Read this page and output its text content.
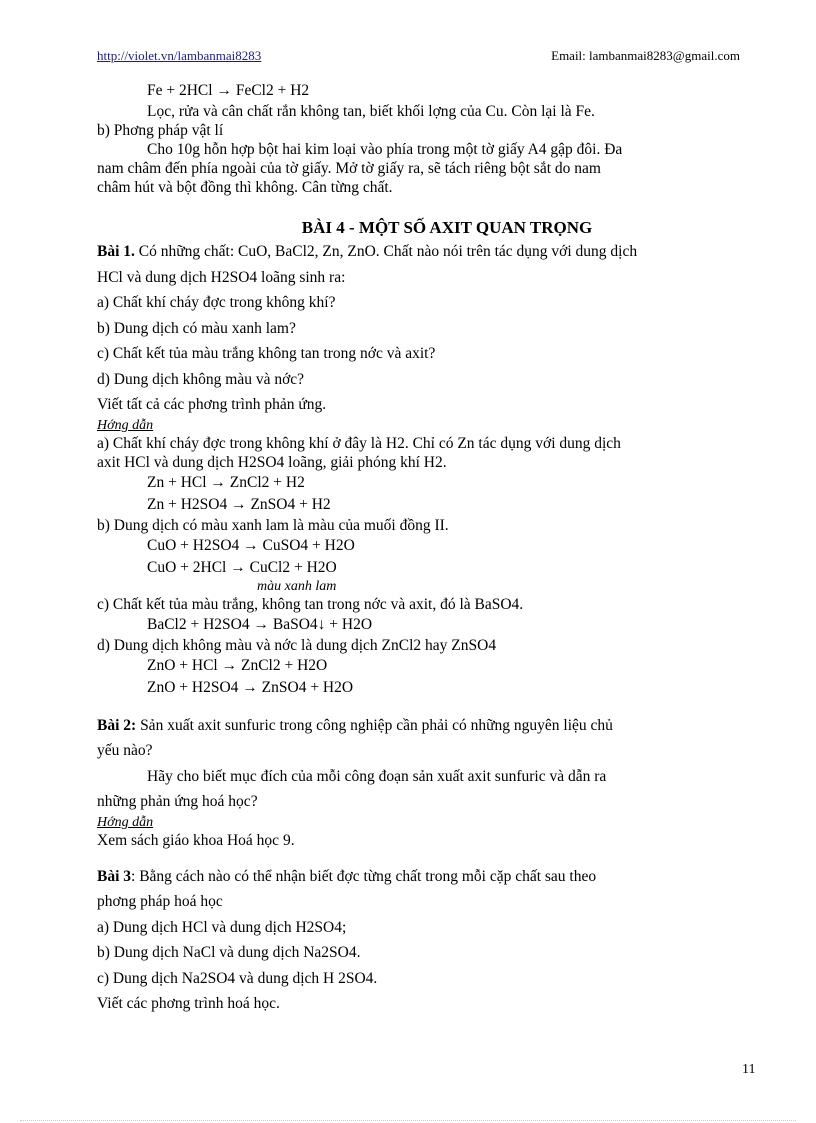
http://violet.vn/lambanmai8283	Email: lambanmai8283@gmail.com
Fe + 2HCl → FeCl2 + H2
Lọc, rửa và cân chất rắn không tan, biết khối lợng của Cu. Còn lại là Fe.
b) Phơng pháp vật lí
Cho 10g hỗn hợp bột hai kim loại vào phía trong một tờ giấy A4 gập đôi. Đa
nam châm đến phía ngoài của tờ giấy. Mở tờ giấy ra, sẽ tách riêng bột sắt do nam
châm hút và bột đồng thì không. Cân từng chất.
BÀI 4 - MỘT SỐ AXIT QUAN TRỌNG
Bài 1. Có những chất: CuO, BaCl2, Zn, ZnO. Chất nào nói trên tác dụng với dung dịch
HCl và dung dịch H2SO4 loãng sinh ra:
a) Chất khí cháy đợc trong không khí?
b) Dung dịch có màu xanh lam?
c) Chất kết tủa màu trắng không tan trong nớc và axit?
d) Dung dịch không màu và nớc?
Viết tất cả các phơng trình phản ứng.
Hớng dẫn
a) Chất khí cháy đợc trong không khí ở đây là H2. Chỉ có Zn tác dụng với dung dịch
axit HCl và dung dịch H2SO4 loãng, giải phóng khí H2.
Zn + HCl → ZnCl2 + H2
Zn + H2SO4 → ZnSO4 + H2
b) Dung dịch có màu xanh lam là màu của muối đồng II.
CuO + H2SO4 → CuSO4 + H2O
CuO + 2HCl → CuCl2 + H2O
màu xanh lam
c) Chất kết tủa màu trắng, không tan trong nớc và axit, đó là BaSO4.
BaCl2 + H2SO4 → BaSO4↓ + H2O
d) Dung dịch không màu và nớc là dung dịch ZnCl2 hay ZnSO4
ZnO + HCl → ZnCl2 + H2O
ZnO + H2SO4 → ZnSO4 + H2O
Bài 2: Sản xuất axit sunfuric trong công nghiệp cần phải có những nguyên liệu chủ
yếu nào?
Hãy cho biết mục đích của mỗi công đoạn sản xuất axit sunfuric và dẫn ra
những phản ứng hoá học?
Hớng dẫn
Xem sách giáo khoa Hoá học 9.
Bài 3: Bằng cách nào có thể nhận biết đợc từng chất trong mỗi cặp chất sau theo
phơng pháp hoá học
a) Dung dịch HCl và dung dịch H2SO4;
b) Dung dịch NaCl và dung dịch Na2SO4.
c) Dung dịch Na2SO4 và dung dịch H 2SO4.
Viết các phơng trình hoá học.
11
